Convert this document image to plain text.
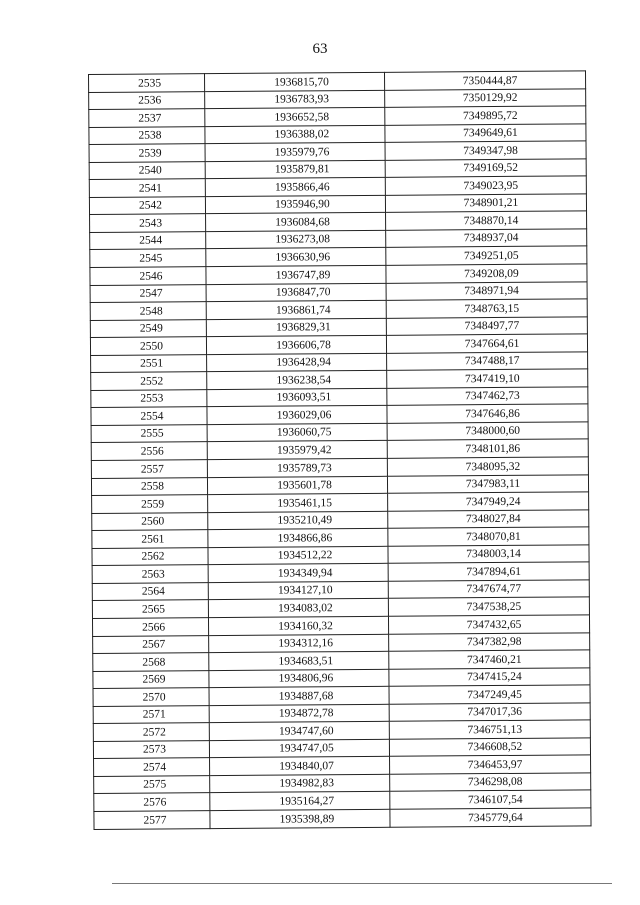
63
2535	1936815,70	7350444,87
2536	1936783,93	7350129,92
2537	1936652,58	7349895,72
2538	1936388,02	7349649,61
2539	1935979,76	7349347,98
2540	1935879,81	7349169,52
2541	1935866,46	7349023,95
2542	1935946,90	7348901,21
2543	1936084,68	7348870,14
2544	1936273,08	7348937,04
2545	1936630,96	7349251,05
2546	1936747,89	7349208,09
2547	1936847,70	7348971,94
2548	1936861,74	7348763,15
2549	1936829,31	7348497,77
2550	1936606,78	7347664,61
2551	1936428,94	7347488,17
2552	1936238,54	7347419,10
2553	1936093,51	7347462,73
2554	1936029,06	7347646,86
2555	1936060,75	7348000,60
2556	1935979,42	7348101,86
2557	1935789,73	7348095,32
2558	1935601,78	7347983,11
2559	1935461,15	7347949,24
2560	1935210,49	7348027,84
2561	1934866,86	7348070,81
2562	1934512,22	7348003,14
2563	1934349,94	7347894,61
2564	1934127,10	7347674,77
2565	1934083,02	7347538,25
2566	1934160,32	7347432,65
2567	1934312,16	7347382,98
2568	1934683,51	7347460,21
2569	1934806,96	7347415,24
2570	1934887,68	7347249,45
2571	1934872,78	7347017,36
2572	1934747,60	7346751,13
2573	1934747,05	7346608,52
2574	1934840,07	7346453,97
2575	1934982,83	7346298,08
2576	1935164,27	7346107,54
2577	1935398,89	7345779,64
